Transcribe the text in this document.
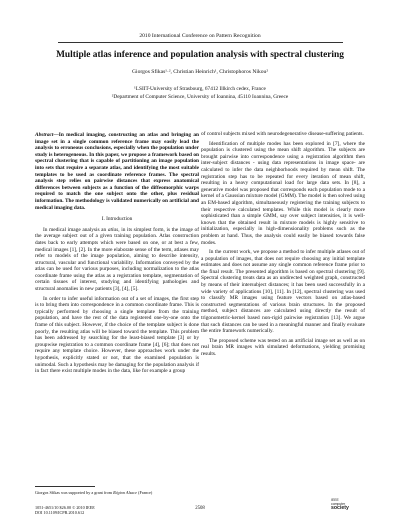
2010 International Conference on Pattern Recognition
Multiple atlas inference and population analysis with spectral clustering
Giorgos Sfikas¹·², Christian Heinrich¹, Christophoros Nikou²
¹LSIIT-University of Strasbourg, 67412 Illkirch cedex, France
²Department of Computer Science, University of Ioannina, 45110 Ioannina, Greece
Abstract—In medical imaging, constructing an atlas and bringing an image set in a single common reference frame may easily lead the analysis to erroneous conclusions, especially when the population under study is heterogeneous. In this paper, we propose a framework based on spectral clustering that is capable of partitioning an image population into sets that require a separate atlas, and identifying the most suitable templates to be used as coordinate reference frames. The spectral analysis step relies on pairwise distances that express anatomical differences between subjects as a function of the diffeomorphic warps required to match the one subject onto the other, plus residual information. The methodology is validated numerically on artificial and medical imaging data.
I. Introduction

In medical image analysis an atlas, in its simplest form, is the image of the average subject out of a given training population. Atlas construction dates back to early attempts which were based on one, or at best a few, medical images [1], [2]. In the more elaborate sense of the term, atlases may refer to models of the image population, aiming to describe intensity, structural, vascular and functional variability. Information conveyed by the atlas can be used for various purposes, including normalization to the atlas coordinate frame using the atlas as a registration template, segmentation of certain tissues of interest, studying and identifying pathologies and structural anomalies in new patients [3], [4], [5].

In order to infer useful information out of a set of images, the first step is to bring them into correspondence in a common coordinate frame. This is typically performed by choosing a single template from the training population, and have the rest of the data registered one-by-one onto the frame of this subject. However, if the choice of the template subject is done poorly, the resulting atlas will be biased toward the template. This problem has been addressed by searching for the least-biased template [3] or by groupwise registration to a common coordinate frame [4], [6]; that does not require any template choice. However, these approaches work under the hypothesis, explicitly stated or not, that the examined population is unimodal. Such a hypothesis may be damaging for the population analysis if in fact there exist multiple modes in the data, like for example a group

of control subjects mixed with neurodegenerative disease-suffering patients.

Identification of multiple modes has been explored in [7], where the population is clustered using the mean shift algorithm. The subjects are brought pairwise into correspondence using a registration algorithm then inter-subject distances - using data representations in image space- are calculated to infer the data neighborhoods required by mean shift. The registration step has to be repeated for every iteration of mean shift, resulting in a heavy computational load for large data sets. In [8], a generative model was proposed that corresponds each population mode to a kernel of a Gaussian mixture model (GMM). The model is then solved using an EM-based algorithm, simultaneously registering the training subjects to their respective calculated templates. While this model is clearly more sophisticated than a simple GMM, say over subject intensities, it is well-known that the obtained result in mixture models is highly sensitive to initialization, especially in high-dimensionality problems such as the problem at hand. Thus, the analysis could easily be biased towards false modes.

In the current work, we propose a method to infer multiple atlases out of a population of images, that does not require choosing any initial template estimates and does not assume any single common reference frame prior to the final result. The presented algorithm is based on spectral clustering [9]. Spectral clustering treats data as an undirected weighted graph, constructed by means of their intersubject distances; it has been used successfully in a wide variety of applications [10], [11]. In [12], spectral clustering was used to classify MR images using feature vectors based on atlas-based constructed segmentations of various brain structures. In the proposed method, subject distances are calculated using directly the result of trigonometric-kernel based non-rigid pairwise registration [13]. We argue that such distances can be used in a meaningful manner and finally evaluate the entire framework numerically.

The proposed scheme was tested on an artificial image set as well as on real brain MR images with simulated deformations, yielding promising results.

Giorgos Sfikas was supported by a grant from Région Alsace (France)
1051-4651/10 $26.00 © 2010 IEEE
DOI 10.1109/ICPR.2010.612
2508
IEEE
computer
society
